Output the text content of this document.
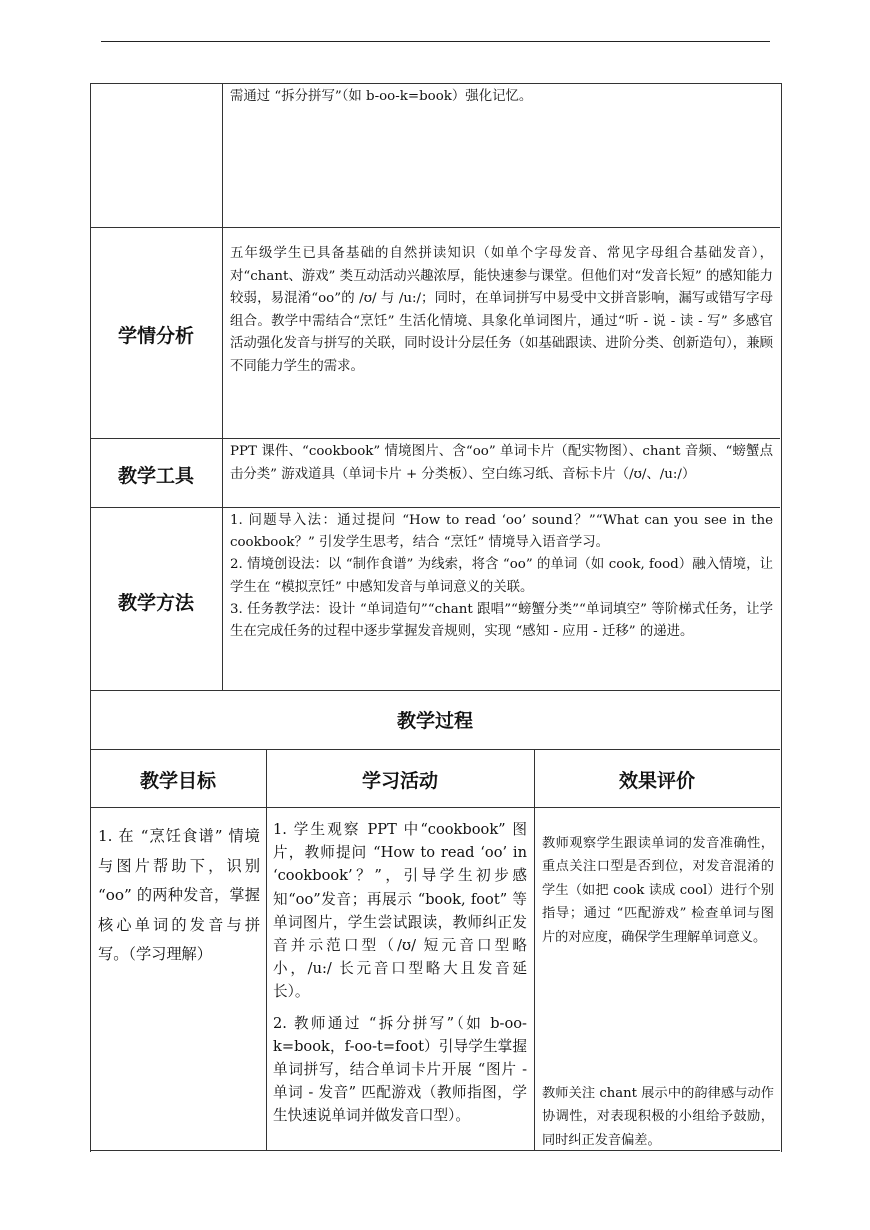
需通过 “拆分拼写”（如 b-oo-k=book）强化记忆。
学情分析
五年级学生已具备基础的自然拼读知识（如单个字母发音、常见字母组合基础发音），对“chant、游戏” 类互动活动兴趣浓厚，能快速参与课堂。但他们对“发音长短” 的感知能力较弱，易混淆“oo”的 /ʊ/ 与 /u:/；同时，在单词拼写中易受中文拼音影响，漏写或错写字母组合。教学中需结合“烹饪” 生活化情境、具象化单词图片，通过“听 - 说 - 读 - 写” 多感官活动强化发音与拼写的关联，同时设计分层任务（如基础跟读、进阶分类、创新造句），兼顾不同能力学生的需求。
教学工具
PPT 课件、“cookbook” 情境图片、含“oo” 单词卡片（配实物图）、chant 音频、“螃蟹点击分类” 游戏道具（单词卡片 + 分类板）、空白练习纸、音标卡片（/ʊ/、/u:/）
教学方法

1. 问题导入法：通过提问 “How to read ‘oo’ sound？”“What can you see in the cookbook？” 引发学生思考，结合 “烹饪” 情境导入语音学习。

2. 情境创设法：以 “制作食谱” 为线索，将含 “oo” 的单词（如 cook, food）融入情境，让学生在 “模拟烹饪” 中感知发音与单词意义的关联。

3. 任务教学法：设计 “单词造句”“chant 跟唱”“螃蟹分类”“单词填空” 等阶梯式任务，让学生在完成任务的过程中逐步掌握发音规则，实现 “感知 - 应用 - 迁移” 的递进。

教学过程
教学目标	学习活动	效果评价
1. 在 “烹饪食谱” 情境与图片帮助下，识别 “oo” 的两种发音，掌握核心单词的发音与拼写。（学习理解）

1. 学生观察 PPT 中“cookbook” 图片，教师提问 “How to read ‘oo’ in ‘cookbook’？”，引导学生初步感知“oo”发音；再展示 “book, foot” 等单词图片，学生尝试跟读，教师纠正发音并示范口型（/ʊ/ 短元音口型略小，/u:/ 长元音口型略大且发音延长）。

2. 教师通过 “拆分拼写”（如 b-oo-k=book，f-oo-t=foot）引导学生掌握单词拼写，结合单词卡片开展 “图片 - 单词 - 发音” 匹配游戏（教师指图，学生快速说单词并做发音口型）。

教师观察学生跟读单词的发音准确性，重点关注口型是否到位，对发音混淆的学生（如把 cook 读成 cool）进行个别指导；通过 “匹配游戏” 检查单词与图片的对应度，确保学生理解单词意义。
教师关注 chant 展示中的韵律感与动作协调性，对表现积极的小组给予鼓励，同时纠正发音偏差。
